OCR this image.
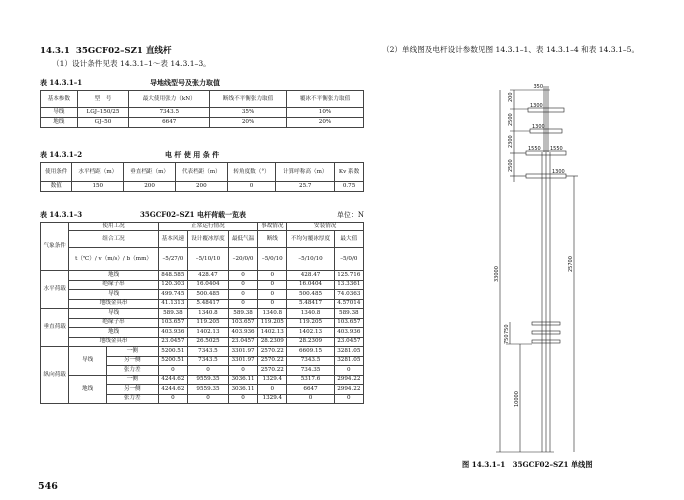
14.3.1 35GCF02–SZ1 直线杆
（1）设计条件见表 14.3.1–1～表 14.3.1–3。
（2）单线图及电杆设计参数见图 14.3.1–1、表 14.3.1–4 和表 14.3.1–5。
表 14.3.1–1	导地线型号及张力取值
基本参数	型　号	最大使用张力（kN）	断线不平衡张力取值	覆冰不平衡张力取值
导线	LGJ–150/25	7343.5	35%	10%
地线	GJ–50	6647	20%	20%
表 14.3.1–2	电 杆 使 用 条 件
使用条件	水平档距（m）	垂直档距（m）	代表档距（m）	转角度数（°）	计算呼称高（m）	Kv 系数
数值	150	200	200	0	25.7	0.75
表 14.3.1–3	35GCF02–SZ1 电杆荷载一览表	单位：N
气象条件	使用工况		正常运行情况			事故情况	安装情况	
	组合工况		基本风速	设计覆冰厚度	最低气温	断线	不均匀覆冰厚度	最大值
	t（℃）/ v（m/s）/ b（mm）		–5/27/0	–5/10/10	–20/0/0	–5/0/10	–5/10/10	–5/0/0
水平荷载	地线		848.585	428.47	0	0	428.47	125.716
	绝缘子串		120.303	16.0404	0	0	16.0404	13.3361
	导线		499.745	500.485	0	0	500.485	74.0363
	地线金具串		41.1313	5.48417	0	0	5.48417	4.57014
垂直荷载	导线		589.38	1340.8	589.38	1340.8	1340.8	589.38
	绝缘子串		103.657	119.205	103.657	119.205	119.205	103.657
	地线		403.936	1402.13	403.936	1402.13	1402.13	403.936
	地线金具串		23.0457	26.5025	23.0457	28.2309	28.2309	23.0457
纵向荷载	导线	一侧	5200.51	7343.5	3301.97	2570.22	6609.15	3281.05
		另一侧	5200.51	7343.5	3301.97	2570.22	7343.5	3281.05
		张力差	0	0	0	2570.22	734.35	0
	地线	一侧	4244.62	9559.35	3036.11	1329.4	5317.6	2994.22
		另一侧	4244.62	9559.35	3036.11	0	6647	2994.22
		张力差	0	0	0	1329.4	0	0
350
200
2500
2300
2500
1300
1300
1550 1550
1300
33000
25700
750
750
10000
图 14.3.1–1　35GCF02–SZ1 单线图
546
